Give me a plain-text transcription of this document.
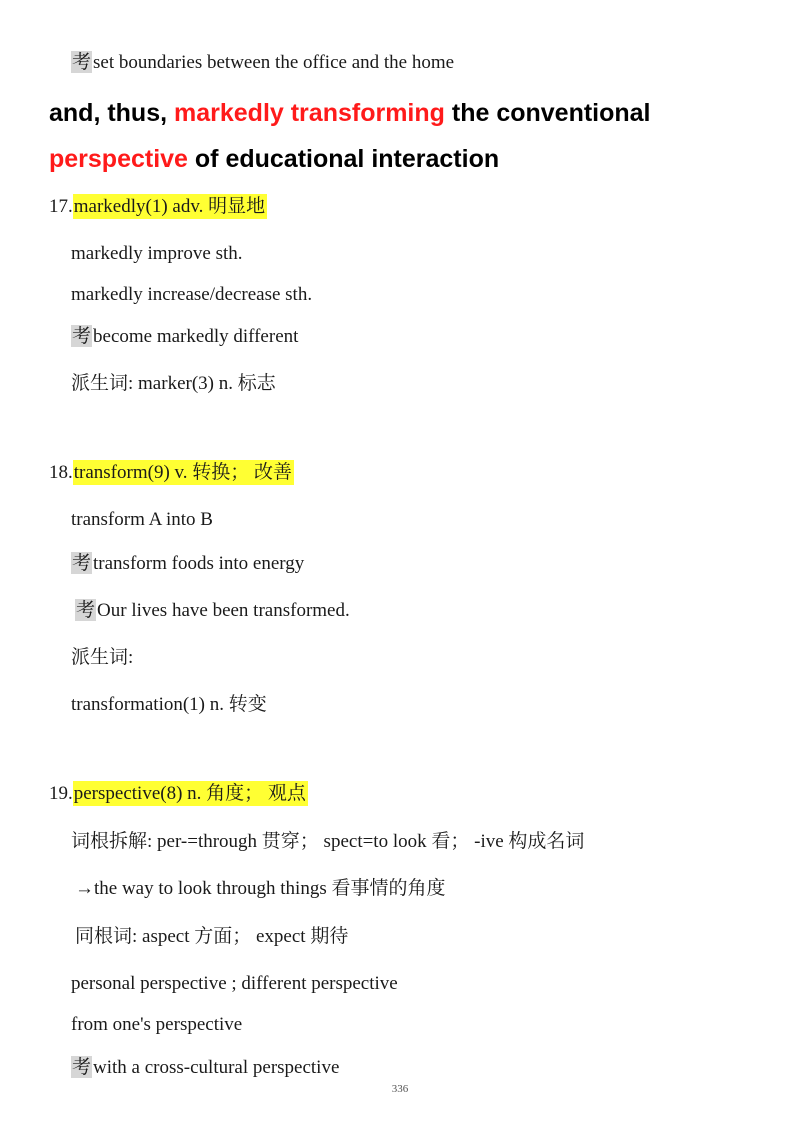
考 set boundaries between the office and the home
and, thus, markedly transforming the conventional
perspective of educational interaction
17.markedly(1) adv. 明显地
markedly improve sth.
markedly increase/decrease sth.
考 become markedly different
派生词: marker(3) n. 标志
18.transform(9) v. 转换； 改善
transform A into B
考 transform foods into energy
考 Our lives have been transformed.
派生词:
transformation(1) n. 转变
19.perspective(8) n. 角度； 观点
词根拆解: per-=through 贯穿； spect=to look 看； -ive 构成名词
→the way to look through things 看事情的角度
同根词: aspect 方面； expect 期待
personal perspective ; different perspective
from one's perspective
考 with a cross-cultural perspective
336
